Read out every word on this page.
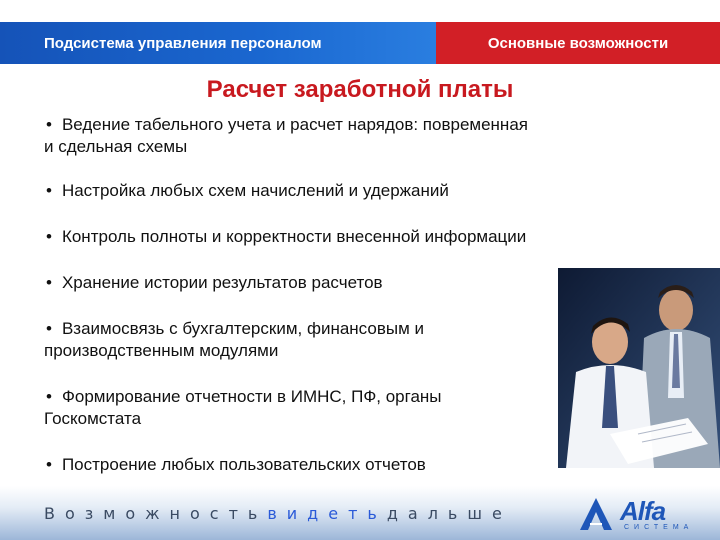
Подсистема управления персоналом	Основные возможности
Расчет заработной платы
• Ведение табельного учета и расчет нарядов: повременная
и сдельная схемы
• Настройка любых схем начислений и удержаний
• Контроль полноты и корректности внесенной информации
• Хранение истории результатов расчетов
• Взаимосвязь с бухгалтерским, финансовым и
производственным модулями
• Формирование отчетности в ИМНС, ПФ, органы
Госкомстата
• Построение любых пользовательских отчетов
Возможностьвидетьдальше	Alfa
СИСТЕМА
